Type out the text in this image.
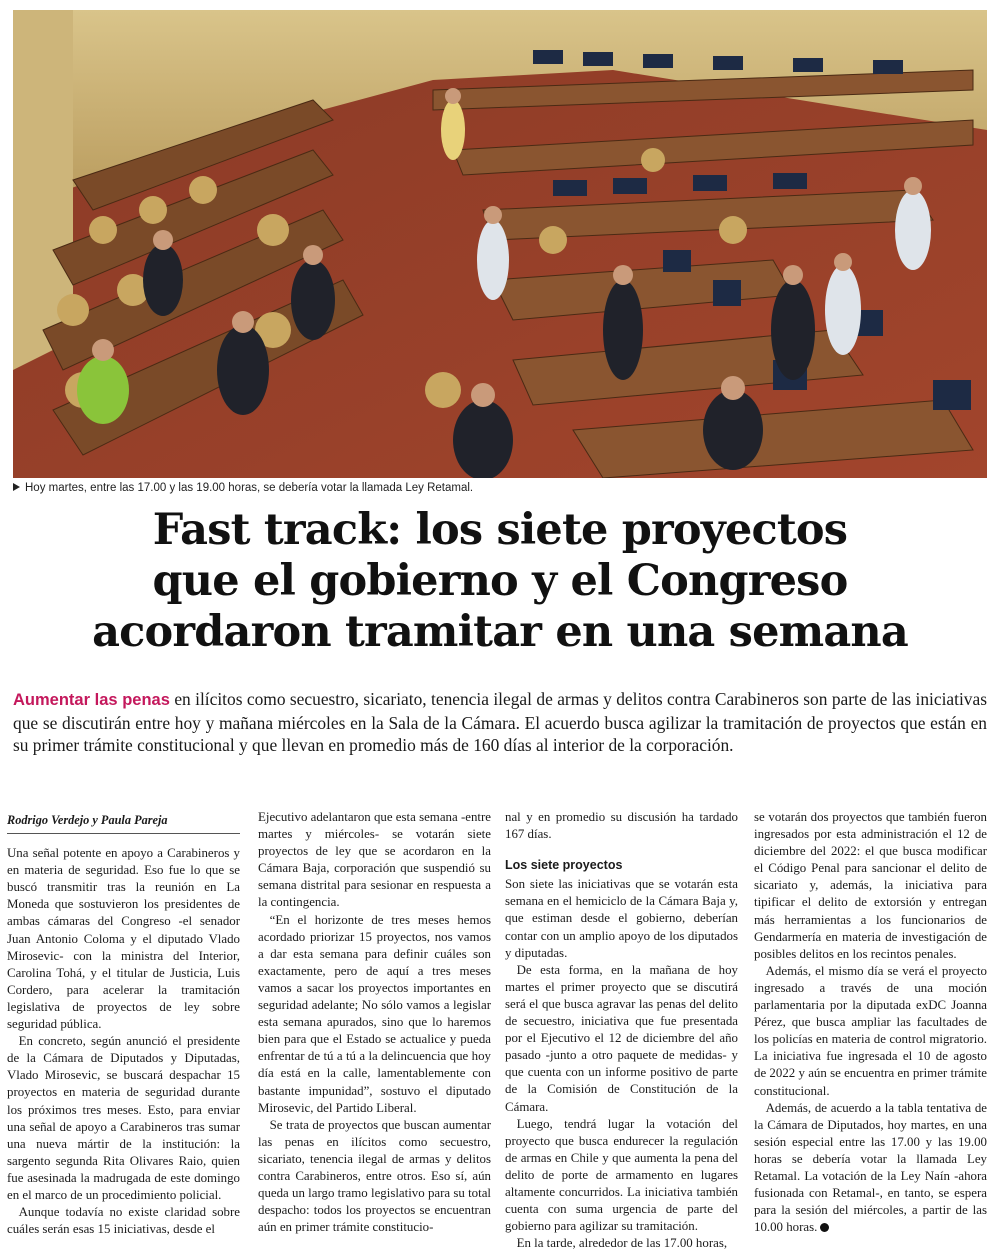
Hoy martes, entre las 17.00 y las 19.00 horas, se debería votar la llamada Ley Retamal.
Fast track: los siete proyectos
que el gobierno y el Congreso
acordaron tramitar en una semana

Aumentar las penas en ilícitos como secuestro, sicariato, tenencia ilegal de armas y delitos contra Carabineros son parte de las iniciativas que se discutirán entre hoy y mañana miércoles en la Sala de la Cámara. El acuerdo busca agilizar la tramitación de proyectos que están en su primer trámite constitucional y que llevan en promedio más de 160 días al interior de la corporación.

Rodrigo Verdejo y Paula Pareja

Una señal potente en apoyo a Carabineros y en materia de seguridad. Eso fue lo que se buscó transmitir tras la reunión en La Moneda que sostuvieron los presidentes de ambas cámaras del Congreso -el senador Juan Antonio Coloma y el diputado Vlado Mirosevic- con la ministra del Interior, Carolina Tohá, y el titular de Justicia, Luis Cordero, para acelerar la tramitación legislativa de proyectos de ley sobre seguridad pública.

En concreto, según anunció el presidente de la Cámara de Diputados y Diputadas, Vlado Mirosevic, se buscará despachar 15 proyectos en materia de seguridad durante los próximos tres meses. Esto, para enviar una señal de apoyo a Carabineros tras sumar una nueva mártir de la institución: la sargento segunda Rita Olivares Raio, quien fue asesinada la madrugada de este domingo en el marco de un procedimiento policial.

Aunque todavía no existe claridad sobre cuáles serán esas 15 iniciativas, desde el

Ejecutivo adelantaron que esta semana -entre martes y miércoles- se votarán siete proyectos de ley que se acordaron en la Cámara Baja, corporación que suspendió su semana distrital para sesionar en respuesta a la contingencia.

“En el horizonte de tres meses hemos acordado priorizar 15 proyectos, nos vamos a dar esta semana para definir cuáles son exactamente, pero de aquí a tres meses vamos a sacar los proyectos importantes en seguridad adelante; No sólo vamos a legislar esta semana apurados, sino que lo haremos bien para que el Estado se actualice y pueda enfrentar de tú a tú a la delincuencia que hoy día está en la calle, lamentablemente con bastante impunidad”, sostuvo el diputado Mirosevic, del Partido Liberal.

Se trata de proyectos que buscan aumentar las penas en ilícitos como secuestro, sicariato, tenencia ilegal de armas y delitos contra Carabineros, entre otros. Eso sí, aún queda un largo tramo legislativo para su total despacho: todos los proyectos se encuentran aún en primer trámite constitucio-

nal y en promedio su discusión ha tardado 167 días.

Los siete proyectos

Son siete las iniciativas que se votarán esta semana en el hemiciclo de la Cámara Baja y, que estiman desde el gobierno, deberían contar con un amplio apoyo de los diputados y diputadas.

De esta forma, en la mañana de hoy martes el primer proyecto que se discutirá será el que busca agravar las penas del delito de secuestro, iniciativa que fue presentada por el Ejecutivo el 12 de diciembre del año pasado -junto a otro paquete de medidas- y que cuenta con un informe positivo de parte de la Comisión de Constitución de la Cámara.

Luego, tendrá lugar la votación del proyecto que busca endurecer la regulación de armas en Chile y que aumenta la pena del delito de porte de armamento en lugares altamente concurridos. La iniciativa también cuenta con suma urgencia de parte del gobierno para agilizar su tramitación.

En la tarde, alrededor de las 17.00 horas,

se votarán dos proyectos que también fueron ingresados por esta administración el 12 de diciembre del 2022: el que busca modificar el Código Penal para sancionar el delito de sicariato y, además, la iniciativa para tipificar el delito de extorsión y entregan más herramientas a los funcionarios de Gendarmería en materia de investigación de posibles delitos en los recintos penales.

Además, el mismo día se verá el proyecto ingresado a través de una moción parlamentaria por la diputada exDC Joanna Pérez, que busca ampliar las facultades de los policías en materia de control migratorio. La iniciativa fue ingresada el 10 de agosto de 2022 y aún se encuentra en primer trámite constitucional.

Además, de acuerdo a la tabla tentativa de la Cámara de Diputados, hoy martes, en una sesión especial entre las 17.00 y las 19.00 horas se debería votar la llamada Ley Retamal. La votación de la Ley Naín -ahora fusionada con Retamal-, en tanto, se espera para la sesión del miércoles, a partir de las 10.00 horas.
